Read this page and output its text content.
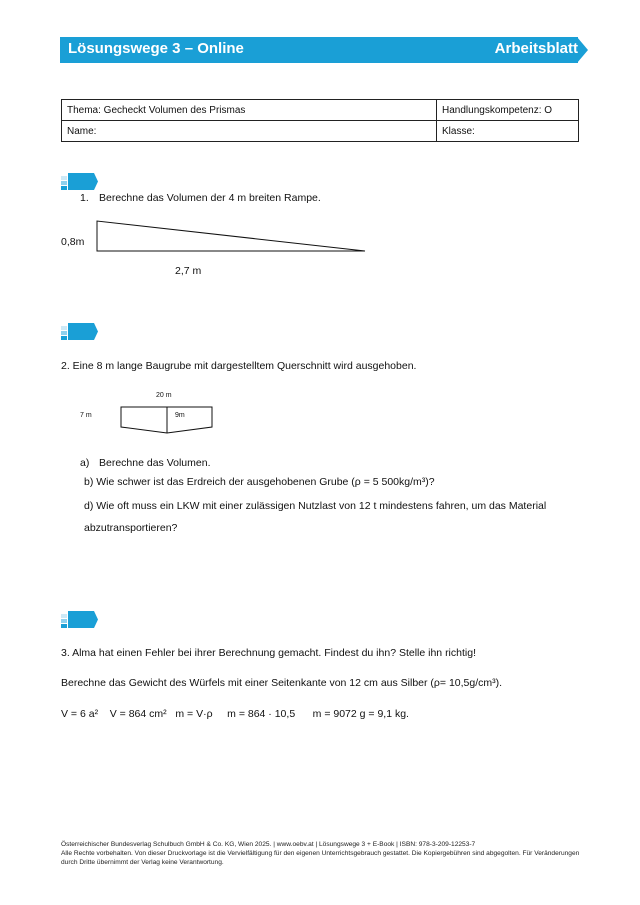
Lösungswege 3 – Online	Arbeitsblatt
Thema: Gecheckt Volumen des Prismas	Handlungskompetenz: O
Name:	Klasse:
1. Berechne das Volumen der 4 m breiten Rampe.
0,8m
2,7 m
2. Eine 8 m lange Baugrube mit dargestelltem Querschnitt wird ausgehoben.
20 m
7 m	9m
a) Berechne das Volumen.
b) Wie schwer ist das Erdreich der ausgehobenen Grube (ρ = 5 500kg/m³)?
d) Wie oft muss ein LKW mit einer zulässigen Nutzlast von 12 t mindestens fahren, um das Material
abzutransportieren?
3. Alma hat einen Fehler bei ihrer Berechnung gemacht. Findest du ihn? Stelle ihn richtig!
Berechne das Gewicht des Würfels mit einer Seitenkante von 12 cm aus Silber (ρ= 10,5g/cm³).
V = 6 a²    V = 864 cm²   m = V·ρ     m = 864 · 10,5      m = 9072 g = 9,1 kg.
Österreichischer Bundesverlag Schulbuch GmbH & Co. KG, Wien 2025. | www.oebv.at | Lösungswege 3 + E-Book | ISBN: 978-3-209-12253-7
Alle Rechte vorbehalten. Von dieser Druckvorlage ist die Vervielfältigung für den eigenen Unterrichtsgebrauch gestattet. Die Kopiergebühren sind abgegolten. Für Veränderungen durch Dritte übernimmt der Verlag keine Verantwortung.
